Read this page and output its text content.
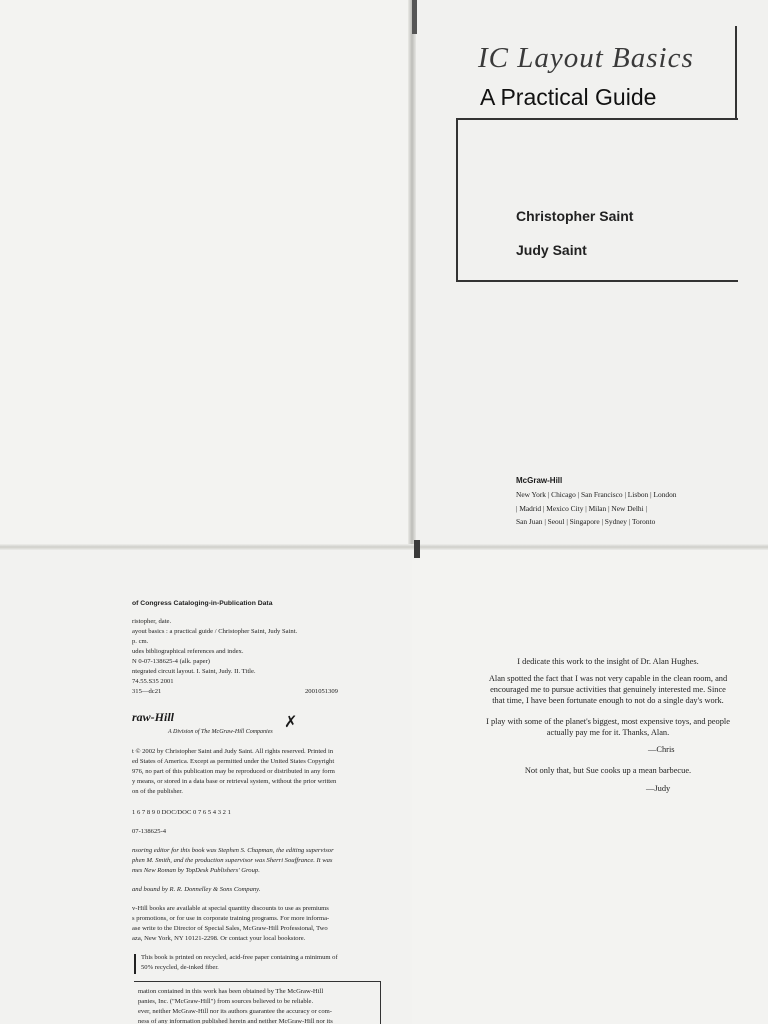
IC Layout Basics
A Practical Guide
Christopher Saint
Judy Saint
McGraw-Hill
New York | Chicago | San Francisco | Lisbon | London
| Madrid | Mexico City | Milan | New Delhi |
San Juan | Seoul | Singapore | Sydney | Toronto
of Congress Cataloging-in-Publication Data
ristopher, date.
ayout basics : a practical guide / Christopher Saint, Judy Saint.
p. cm.
udes bibliographical references and index.
N 0-07-138625-4 (alk. paper)
ntegrated circuit layout. I. Saint, Judy. II. Title.
74.55.S35 2001
315—dc21	2001051309
raw-Hill
A Division of The McGraw-Hill Companies
✗
t © 2002 by Christopher Saint and Judy Saint. All rights reserved. Printed in
ed States of America. Except as permitted under the United States Copyright
976, no part of this publication may be reproduced or distributed in any form
y means, or stored in a data base or retrieval system, without the prior written
on of the publisher.
1 6 7 8 9 0 DOC/DOC 0 7 6 5 4 3 2 1
07-138625-4
nsoring editor for this book was Stephen S. Chapman, the editing supervisor
phen M. Smith, and the production supervisor was Sherri Souffrance. It was
mes New Roman by TopDesk Publishers' Group.
and bound by R. R. Donnelley & Sons Company.
v-Hill books are available at special quantity discounts to use as premiums
s promotions, or for use in corporate training programs. For more informa-
ase write to the Director of Special Sales, McGraw-Hill Professional, Two
aza, New York, NY 10121-2298. Or contact your local bookstore.
This book is printed on recycled, acid-free paper containing a minimum of
50% recycled, de-inked fiber.
mation contained in this work has been obtained by The McGraw-Hill
panies, Inc. ("McGraw-Hill") from sources believed to be reliable.
ever, neither McGraw-Hill nor its authors guarantee the accuracy or com-
ness of any information published herein and neither McGraw-Hill nor its
I dedicate this work to the insight of Dr. Alan Hughes.
Alan spotted the fact that I was not very capable in the clean room, and
encouraged me to pursue activities that genuinely interested me. Since
that time, I have been fortunate enough to not do a single day's work.
I play with some of the planet's biggest, most expensive toys, and people
actually pay me for it. Thanks, Alan.
—Chris
Not only that, but Sue cooks up a mean barbecue.
—Judy
